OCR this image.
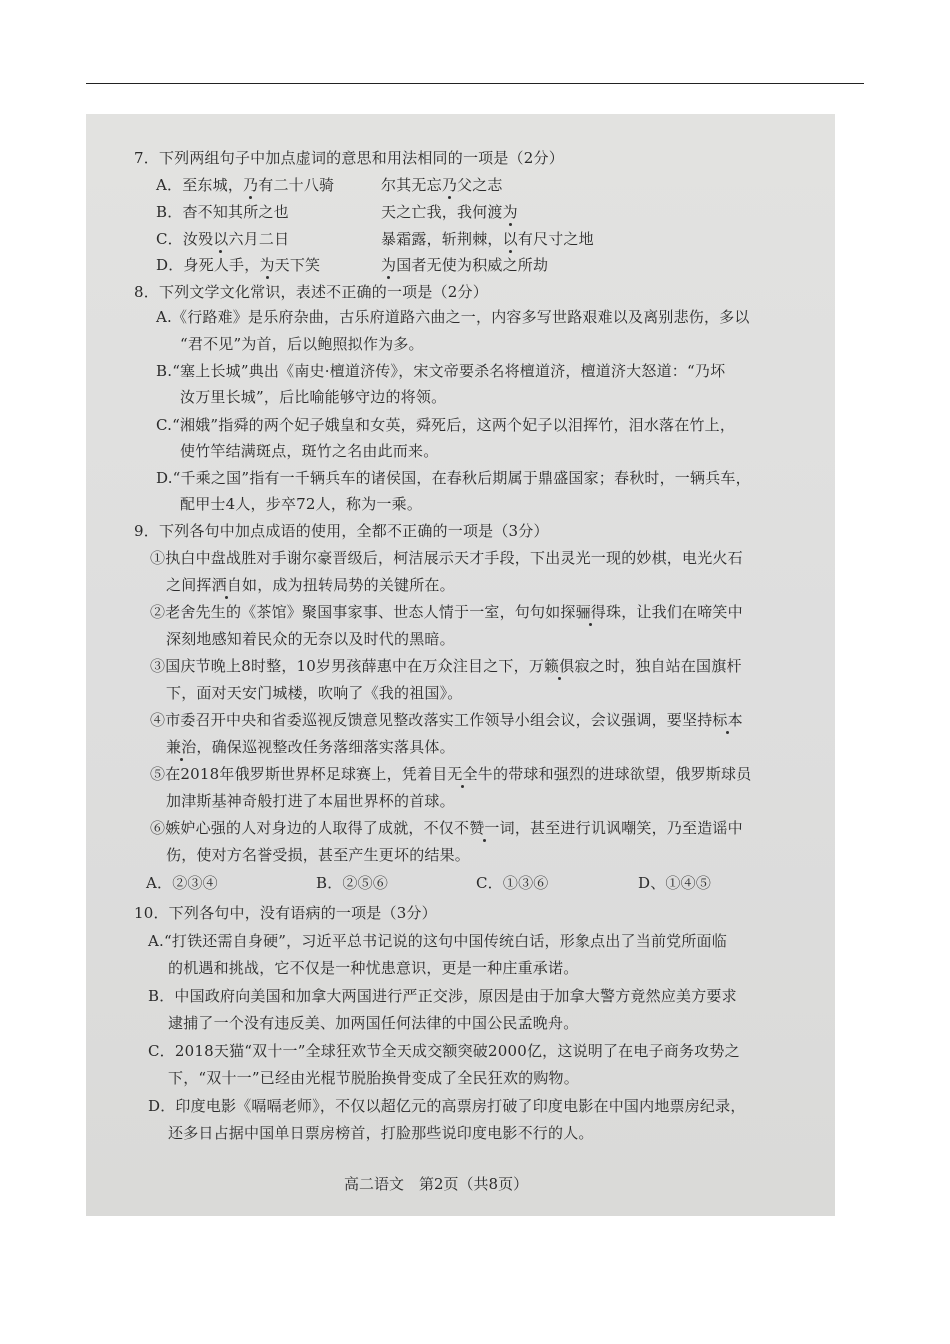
7．下列两组句子中加点虚词的意思和用法相同的一项是（2分）
A．至东城，乃有二十八骑	尔其无忘乃父之志
B．杳不知其所之也	天之亡我，我何渡为
C．汝殁以六月二日	暴霜露，斩荆棘，以有尺寸之地
D．身死人手，为天下笑	为国者无使为积威之所劫
8．下列文学文化常识，表述不正确的一项是（2分）
A.《行路难》是乐府杂曲，古乐府道路六曲之一，内容多写世路艰难以及离别悲伤，多以
“君不见”为首，后以鲍照拟作为多。
B.“塞上长城”典出《南史·檀道济传》，宋文帝要杀名将檀道济，檀道济大怒道：“乃坏
汝万里长城”，后比喻能够守边的将领。
C.“湘娥”指舜的两个妃子娥皇和女英，舜死后，这两个妃子以泪挥竹，泪水落在竹上，
使竹竿结满斑点，斑竹之名由此而来。
D.“千乘之国”指有一千辆兵车的诸侯国，在春秋后期属于鼎盛国家；春秋时，一辆兵车，
配甲士4人，步卒72人，称为一乘。
9．下列各句中加点成语的使用，全都不正确的一项是（3分）
①执白中盘战胜对手谢尔豪晋级后，柯洁展示天才手段，下出灵光一现的妙棋，电光火石
之间挥洒自如，成为扭转局势的关键所在。
②老舍先生的《茶馆》聚国事家事、世态人情于一室，句句如探骊得珠，让我们在啼笑中
深刻地感知着民众的无奈以及时代的黑暗。
③国庆节晚上8时整，10岁男孩薛惠中在万众注目之下，万籁俱寂之时，独自站在国旗杆
下，面对天安门城楼，吹响了《我的祖国》。
④市委召开中央和省委巡视反馈意见整改落实工作领导小组会议，会议强调，要坚持标本
兼治，确保巡视整改任务落细落实落具体。
⑤在2018年俄罗斯世界杯足球赛上，凭着目无全牛的带球和强烈的进球欲望，俄罗斯球员
加津斯基神奇般打进了本届世界杯的首球。
⑥嫉妒心强的人对身边的人取得了成就，不仅不赞一词，甚至进行讥讽嘲笑，乃至造谣中
伤，使对方名誉受损，甚至产生更坏的结果。
A．②③④	B．②⑤⑥	C．①③⑥	D、①④⑤
10．下列各句中，没有语病的一项是（3分）
A.“打铁还需自身硬”，习近平总书记说的这句中国传统白话，形象点出了当前党所面临
的机遇和挑战，它不仅是一种忧患意识，更是一种庄重承诺。
B．中国政府向美国和加拿大两国进行严正交涉，原因是由于加拿大警方竟然应美方要求
逮捕了一个没有违反美、加两国任何法律的中国公民孟晚舟。
C．2018天猫“双十一”全球狂欢节全天成交额突破2000亿，这说明了在电子商务攻势之
下，“双十一”已经由光棍节脱胎换骨变成了全民狂欢的购物。
D．印度电影《嗝嗝老师》，不仅以超亿元的高票房打破了印度电影在中国内地票房纪录，
还多日占据中国单日票房榜首，打脸那些说印度电影不行的人。
高二语文　第2页（共8页）
